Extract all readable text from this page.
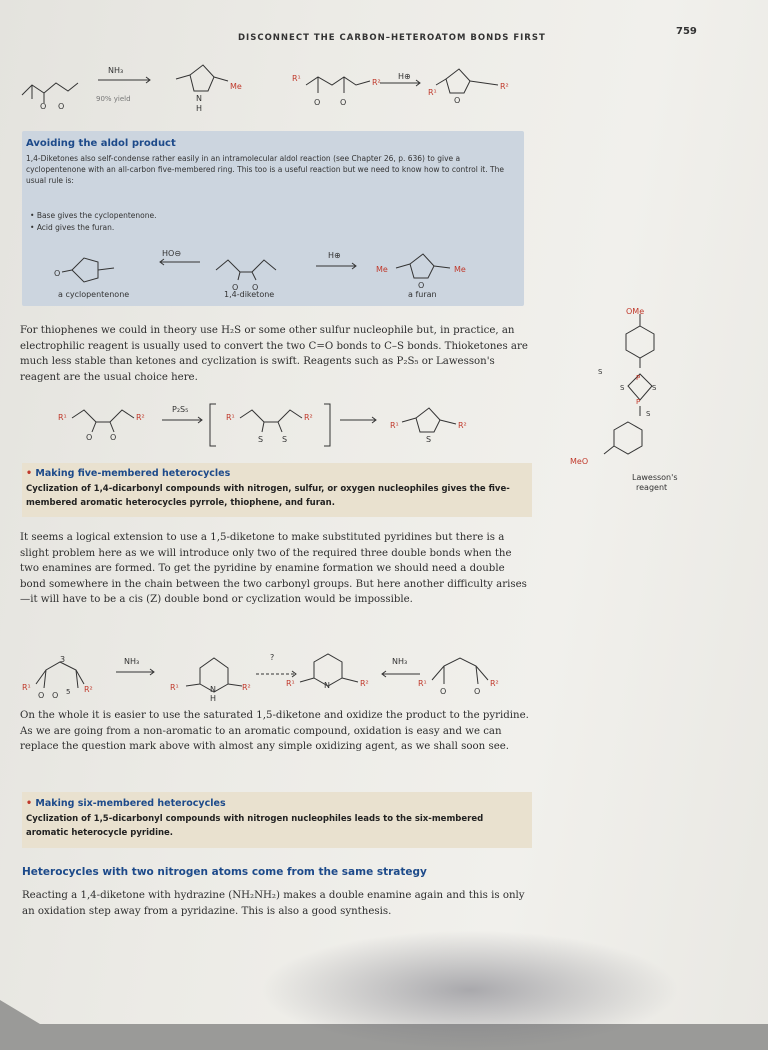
DISCONNECT THE CARBON–HETEROATOM BONDS FIRST
759
O O
NH₃
90% yield
Me
N
H
R¹	R²
O O
H⊕
R¹
R²
O
Avoiding the aldol product
1,4-Diketones also self-condense rather easily in an intramolecular aldol reaction (see Chapter 26, p. 636) to give a cyclopentenone with an all-carbon five-membered ring. This too is a useful reaction but we need to know how to control it. The usual rule is:
• Base gives the cyclopentenone.
• Acid gives the furan.
O
HO⊖
O O
H⊕
Me	Me
O
a cyclopentenone	1,4-diketone	a furan
For thiophenes we could in theory use H₂S or some other sulfur nucleophile but, in practice, an electrophilic reagent is usually used to convert the two C=O bonds to C–S bonds. Thioketones are much less stable than ketones and cyclization is swift. Reagents such as P₂S₅ or Lawesson's reagent are the usual choice here.
R¹	R²
O O
P₂S₅
R¹	R²
S S
R¹	R²
S
OMe
S
P
S	S
P
S
MeO
Lawesson's
reagent
• Making five-membered heterocycles
Cyclization of 1,4-dicarbonyl compounds with nitrogen, sulfur, or oxygen nucleophiles gives the five-membered aromatic heterocycles pyrrole, thiophene, and furan.
It seems a logical extension to use a 1,5-diketone to make substituted pyridines but there is a slight problem here as we will introduce only two of the required three double bonds when the two enamines are formed. To get the pyridine by enamine formation we should need a double bond somewhere in the chain between the two carbonyl groups. But here another difficulty arises—it will have to be a cis (Z) double bond or cyclization would be impossible.
3
R¹	R²
O O 5
NH₃
R¹	R²
N
H
?
R¹	R²
N
NH₃
R¹	R²
O	O
On the whole it is easier to use the saturated 1,5-diketone and oxidize the product to the pyridine. As we are going from a non-aromatic to an aromatic compound, oxidation is easy and we can replace the question mark above with almost any simple oxidizing agent, as we shall soon see.
• Making six-membered heterocycles
Cyclization of 1,5-dicarbonyl compounds with nitrogen nucleophiles leads to the six-membered aromatic heterocycle pyridine.
Heterocycles with two nitrogen atoms come from the same strategy
Reacting a 1,4-diketone with hydrazine (NH₂NH₂) makes a double enamine again and this is only an oxidation step away from a pyridazine. This is also a good synthesis.
